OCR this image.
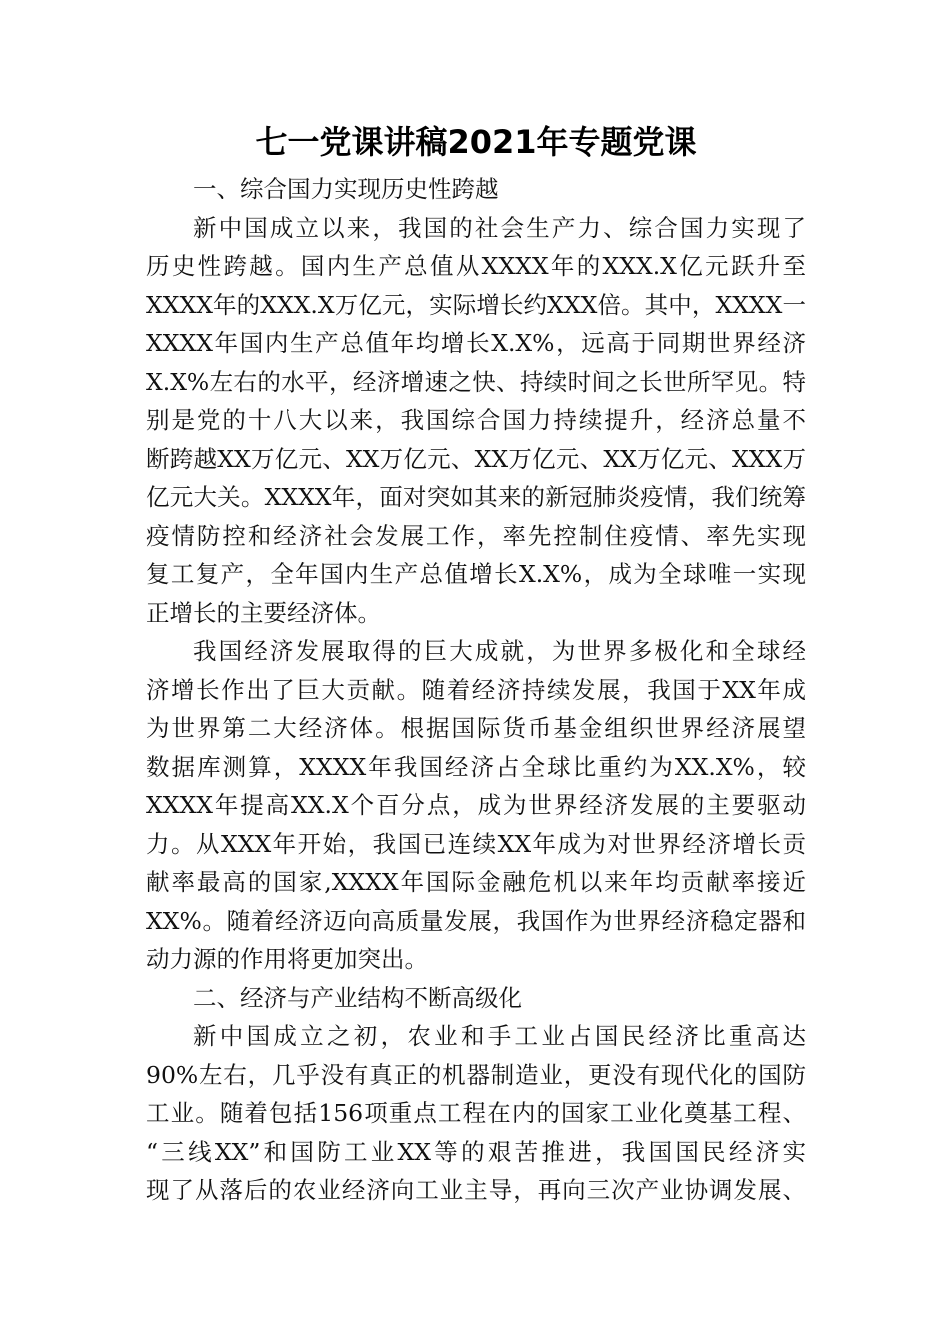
七一党课讲稿2021年专题党课
一、综合国力实现历史性跨越

新中国成立以来，我国的社会生产力、综合国力实现了
历史性跨越。国内生产总值从XXXX年的XXX.X亿元跃升至
XXXX年的XXX.X万亿元，实际增长约XXX倍。其中，XXXX一
XXXX年国内生产总值年均增长X.X%，远高于同期世界经济
X.X%左右的水平，经济增速之快、持续时间之长世所罕见。特
别是党的十八大以来，我国综合国力持续提升，经济总量不
断跨越XX万亿元、XX万亿元、XX万亿元、XX万亿元、XXX万
亿元大关。XXXX年，面对突如其来的新冠肺炎疫情，我们统筹
疫情防控和经济社会发展工作，率先控制住疫情、率先实现
复工复产，全年国内生产总值增长X.X%，成为全球唯一实现
正增长的主要经济体。

我国经济发展取得的巨大成就，为世界多极化和全球经
济增长作出了巨大贡献。随着经济持续发展，我国于XX年成
为世界第二大经济体。根据国际货币基金组织世界经济展望
数据库测算，XXXX年我国经济占全球比重约为XX.X%，较
XXXX年提高XX.X个百分点，成为世界经济发展的主要驱动
力。从XXX年开始，我国已连续XX年成为对世界经济增长贡
献率最高的国家,XXXX年国际金融危机以来年均贡献率接近
XX%。随着经济迈向高质量发展，我国作为世界经济稳定器和
动力源的作用将更加突出。

二、经济与产业结构不断高级化

新中国成立之初，农业和手工业占国民经济比重高达
90%左右，几乎没有真正的机器制造业，更没有现代化的国防
工业。随着包括156项重点工程在内的国家工业化奠基工程、
“三线XX”和国防工业XX等的艰苦推进，我国国民经济实
现了从落后的农业经济向工业主导，再向三次产业协调发展、
